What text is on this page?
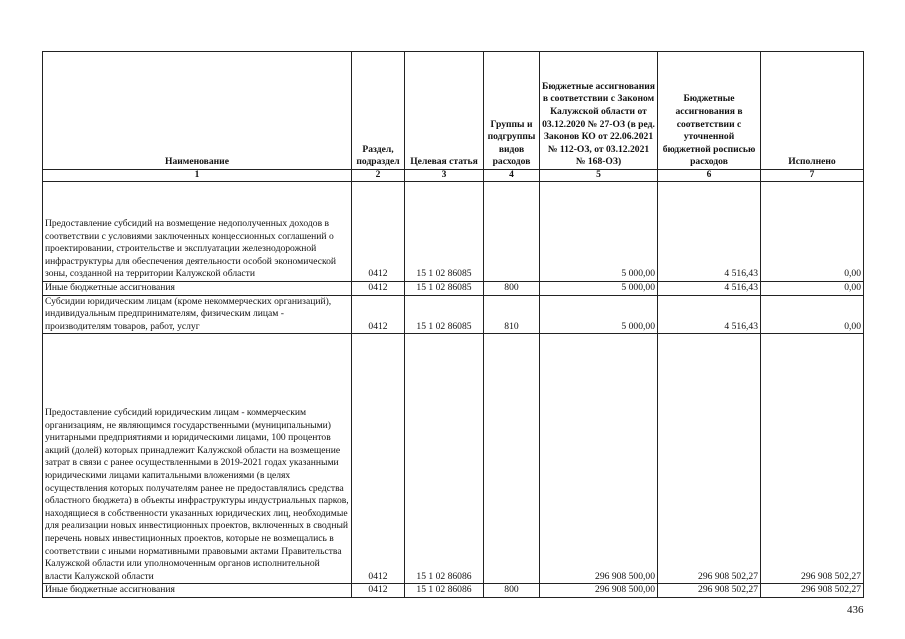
Наименование	Раздел, подраздел	Целевая статья	Группы и подгруппы видов расходов	Бюджетные ассигнования в соответствии с Законом Калужской области от 03.12.2020 № 27-ОЗ (в ред. Законов КО от 22.06.2021 № 112-ОЗ, от 03.12.2021 № 168-ОЗ)	Бюджетные ассигнования в соответствии с уточненной бюджетной росписью расходов	Исполнено
1	2	3	4	5	6	7
Предоставление субсидий на возмещение недополученных доходов в соответствии с условиями заключенных концессионных соглашений о проектировании, строительстве и эксплуатации железнодорожной инфраструктуры для обеспечения деятельности особой экономической зоны, созданной на территории Калужской области	0412	15 1 02 86085		5 000,00	4 516,43	0,00
Иные бюджетные ассигнования	0412	15 1 02 86085	800	5 000,00	4 516,43	0,00
Субсидии юридическим лицам (кроме некоммерческих организаций), индивидуальным предпринимателям, физическим лицам - производителям товаров, работ, услуг	0412	15 1 02 86085	810	5 000,00	4 516,43	0,00
Предоставление субсидий юридическим лицам - коммерческим организациям, не являющимся государственными (муниципальными) унитарными предприятиями и юридическими лицами, 100 процентов акций (долей) которых принадлежит Калужской области на возмещение затрат в связи с ранее осуществленными в 2019-2021 годах указанными юридическими лицами капитальными вложениями (в целях осуществления которых получателям ранее не предоставлялись средства областного бюджета) в объекты инфраструктуры индустриальных парков, находящиеся в собственности указанных юридических лиц, необходимые для реализации новых инвестиционных проектов, включенных в сводный перечень новых инвестиционных проектов, которые не возмещались в соответствии с иными нормативными правовыми актами Правительства Калужской области или уполномоченным органов исполнительной власти Калужской области	0412	15 1 02 86086		296 908 500,00	296 908 502,27	296 908 502,27
Иные бюджетные ассигнования	0412	15 1 02 86086	800	296 908 500,00	296 908 502,27	296 908 502,27
436
